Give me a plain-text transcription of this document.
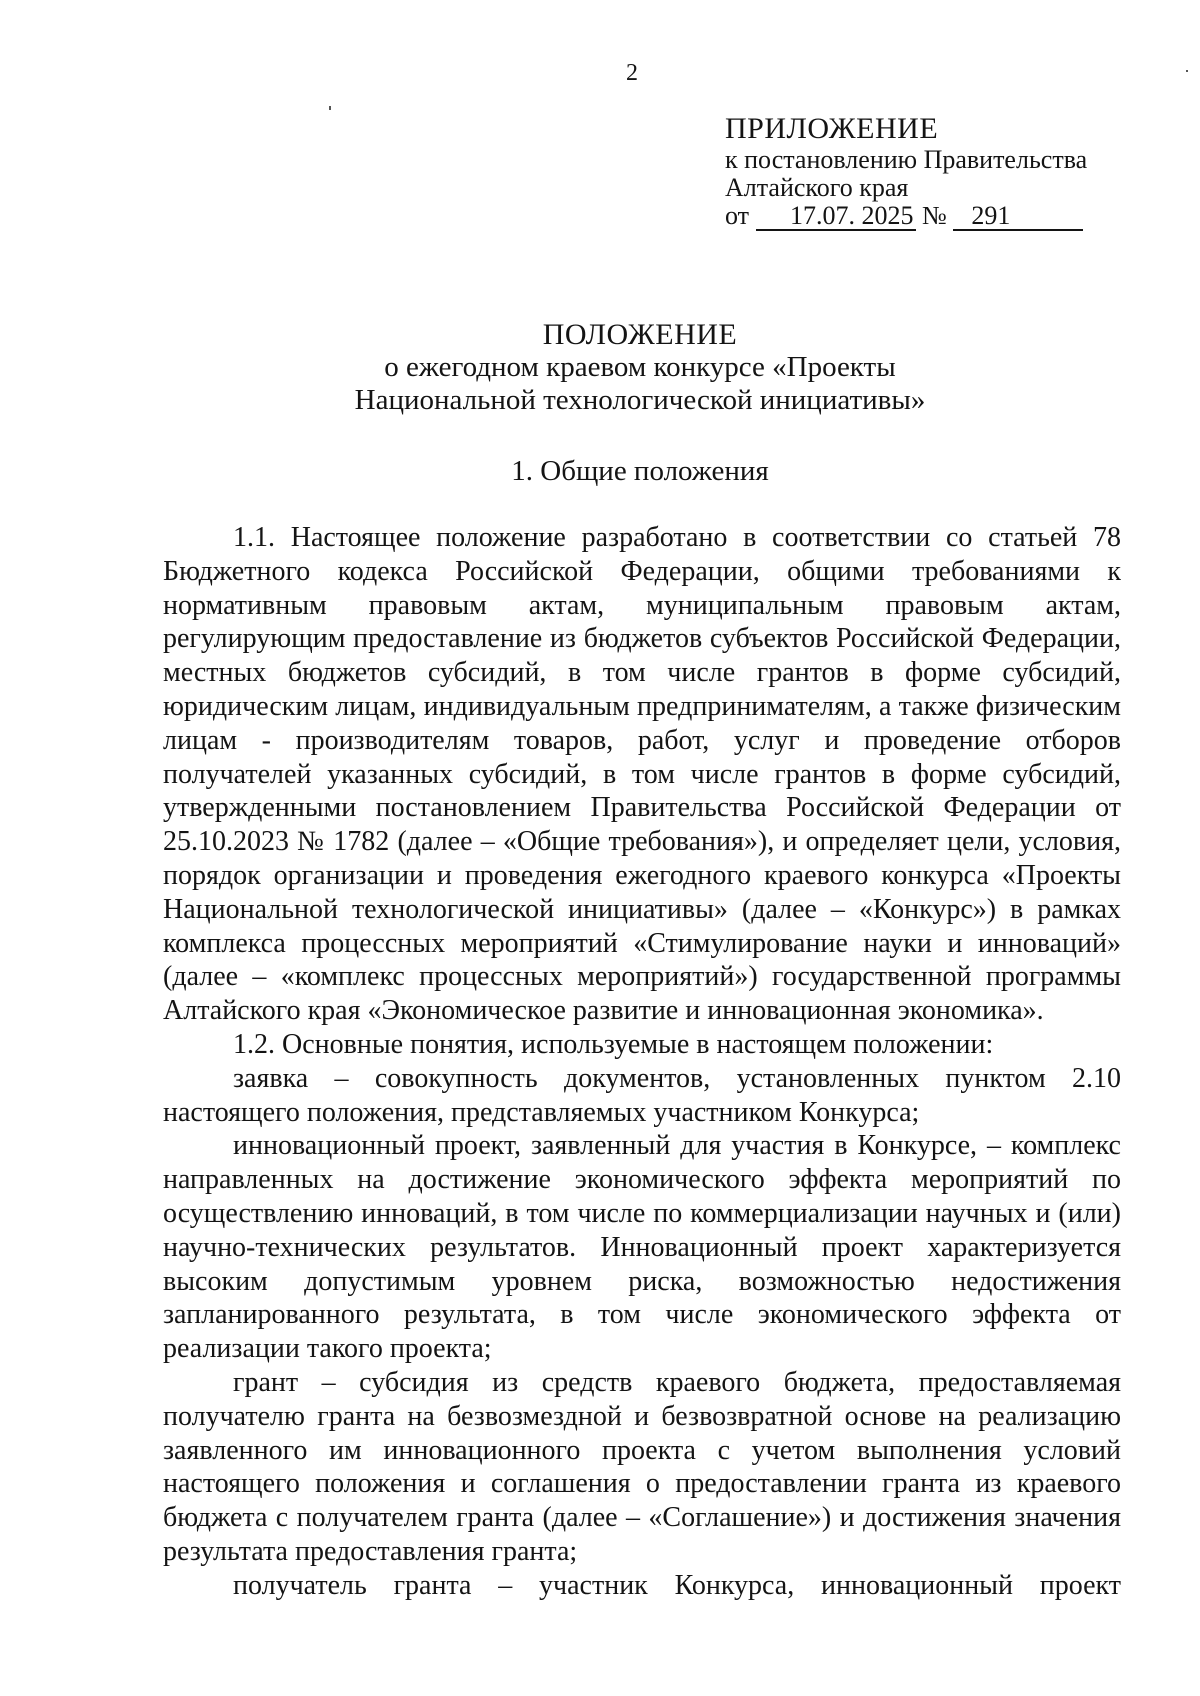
2
ПРИЛОЖЕНИЕ
к постановлению Правительства
Алтайского края
от 17.07. 2025 № 291
ПОЛОЖЕНИЕ
о ежегодном краевом конкурсе «Проекты
Национальной технологической инициативы»
1. Общие положения

1.1. Настоящее положение разработано в соответствии со статьей 78 Бюджетного кодекса Российской Федерации, общими требованиями к нормативным правовым актам, муниципальным правовым актам, регулирующим предоставление из бюджетов субъектов Российской Федерации, местных бюджетов субсидий, в том числе грантов в форме субсидий, юридическим лицам, индивидуальным предпринимателям, а также физическим лицам - производителям товаров, работ, услуг и проведение отборов получателей указанных субсидий, в том числе грантов в форме субсидий, утвержденными постановлением Правительства Российской Федерации от 25.10.2023 № 1782 (далее – «Общие требования»), и определяет цели, условия, порядок организации и проведения ежегодного краевого конкурса «Проекты Национальной технологической инициативы» (далее – «Конкурс») в рамках комплекса процессных мероприятий «Стимулирование науки и инноваций» (далее – «комплекс процессных мероприятий») государственной программы Алтайского края «Экономическое развитие и инновационная экономика».

1.2. Основные понятия, используемые в настоящем положении:

заявка – совокупность документов, установленных пунктом 2.10 настоящего положения, представляемых участником Конкурса;

инновационный проект, заявленный для участия в Конкурсе, – комплекс направленных на достижение экономического эффекта мероприятий по осуществлению инноваций, в том числе по коммерциализации научных и (или) научно-технических результатов. Инновационный проект характеризуется высоким допустимым уровнем риска, возможностью недостижения запланированного результата, в том числе экономического эффекта от реализации такого проекта;

грант – субсидия из средств краевого бюджета, предоставляемая получателю гранта на безвозмездной и безвозвратной основе на реализацию заявленного им инновационного проекта с учетом выполнения условий настоящего положения и соглашения о предоставлении гранта из краевого бюджета с получателем гранта (далее – «Соглашение») и достижения значения результата предоставления гранта;

получатель гранта – участник Конкурса, инновационный проект
